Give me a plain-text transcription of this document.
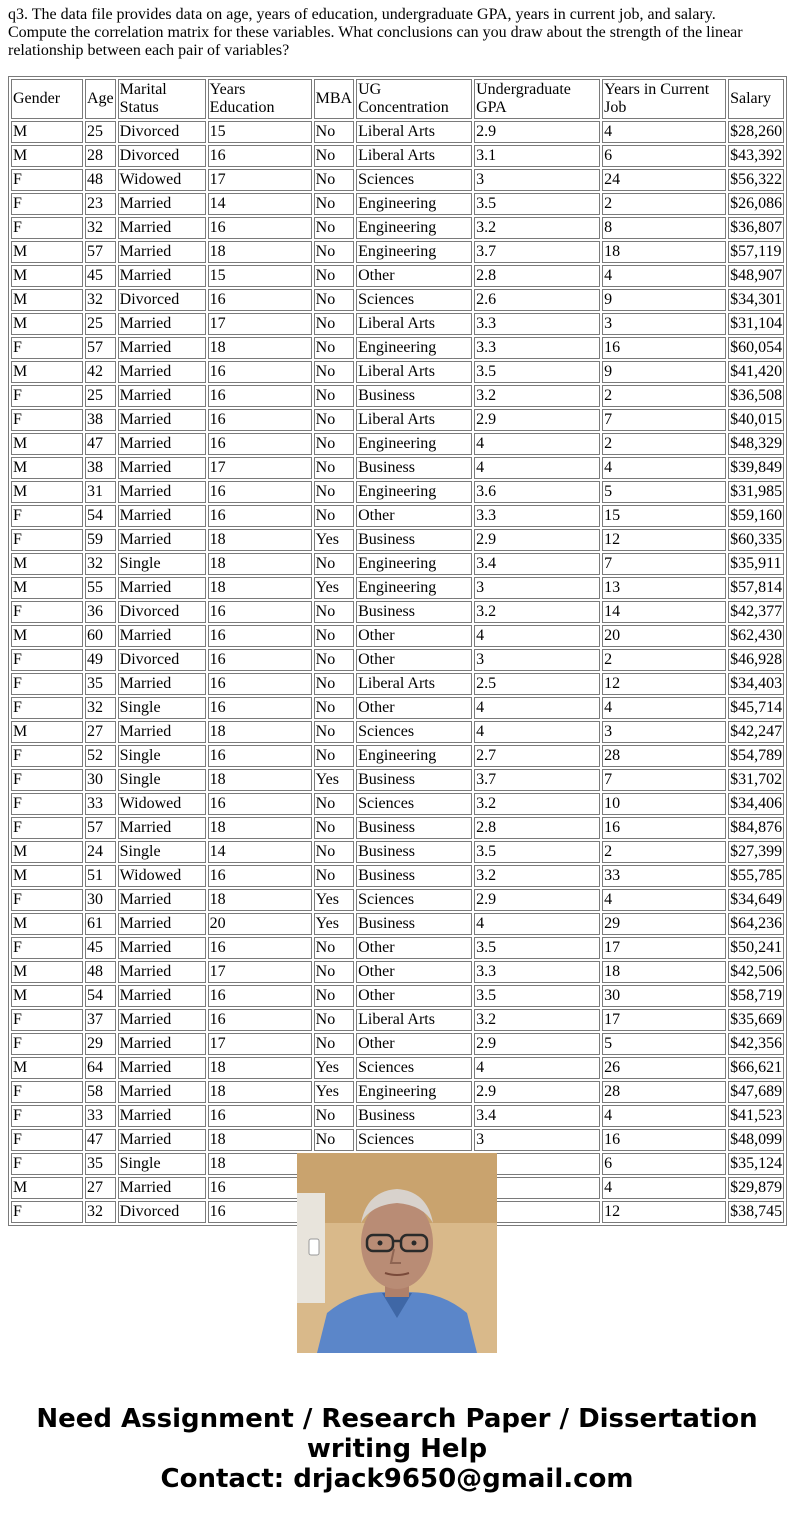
q3. The data file provides data on age, years of education, undergraduate GPA, years in current job, and salary. Compute the correlation matrix for these variables. What conclusions can you draw about the strength of the linear relationship between each pair of variables?
Gender	Age	Marital Status	Years Education	MBA	UG Concentration	Undergraduate GPA	Years in Current Job	Salary
M	25	Divorced	15	No	Liberal Arts	2.9	4	$28,260
M	28	Divorced	16	No	Liberal Arts	3.1	6	$43,392
F	48	Widowed	17	No	Sciences	3	24	$56,322
F	23	Married	14	No	Engineering	3.5	2	$26,086
F	32	Married	16	No	Engineering	3.2	8	$36,807
M	57	Married	18	No	Engineering	3.7	18	$57,119
M	45	Married	15	No	Other	2.8	4	$48,907
M	32	Divorced	16	No	Sciences	2.6	9	$34,301
M	25	Married	17	No	Liberal Arts	3.3	3	$31,104
F	57	Married	18	No	Engineering	3.3	16	$60,054
M	42	Married	16	No	Liberal Arts	3.5	9	$41,420
F	25	Married	16	No	Business	3.2	2	$36,508
F	38	Married	16	No	Liberal Arts	2.9	7	$40,015
M	47	Married	16	No	Engineering	4	2	$48,329
M	38	Married	17	No	Business	4	4	$39,849
M	31	Married	16	No	Engineering	3.6	5	$31,985
F	54	Married	16	No	Other	3.3	15	$59,160
F	59	Married	18	Yes	Business	2.9	12	$60,335
M	32	Single	18	No	Engineering	3.4	7	$35,911
M	55	Married	18	Yes	Engineering	3	13	$57,814
F	36	Divorced	16	No	Business	3.2	14	$42,377
M	60	Married	16	No	Other	4	20	$62,430
F	49	Divorced	16	No	Other	3	2	$46,928
F	35	Married	16	No	Liberal Arts	2.5	12	$34,403
F	32	Single	16	No	Other	4	4	$45,714
M	27	Married	18	No	Sciences	4	3	$42,247
F	52	Single	16	No	Engineering	2.7	28	$54,789
F	30	Single	18	Yes	Business	3.7	7	$31,702
F	33	Widowed	16	No	Sciences	3.2	10	$34,406
F	57	Married	18	No	Business	2.8	16	$84,876
M	24	Single	14	No	Business	3.5	2	$27,399
M	51	Widowed	16	No	Business	3.2	33	$55,785
F	30	Married	18	Yes	Sciences	2.9	4	$34,649
M	61	Married	20	Yes	Business	4	29	$64,236
F	45	Married	16	No	Other	3.5	17	$50,241
M	48	Married	17	No	Other	3.3	18	$42,506
M	54	Married	16	No	Other	3.5	30	$58,719
F	37	Married	16	No	Liberal Arts	3.2	17	$35,669
F	29	Married	17	No	Other	2.9	5	$42,356
M	64	Married	18	Yes	Sciences	4	26	$66,621
F	58	Married	18	Yes	Engineering	2.9	28	$47,689
F	33	Married	16	No	Business	3.4	4	$41,523
F	47	Married	18	No	Sciences	3	16	$48,099
F	35	Single	18				6	$35,124
M	27	Married	16				4	$29,879
F	32	Divorced	16				12	$38,745
Need Assignment / Research Paper / Dissertation
writing Help
Contact: drjack9650@gmail.com
